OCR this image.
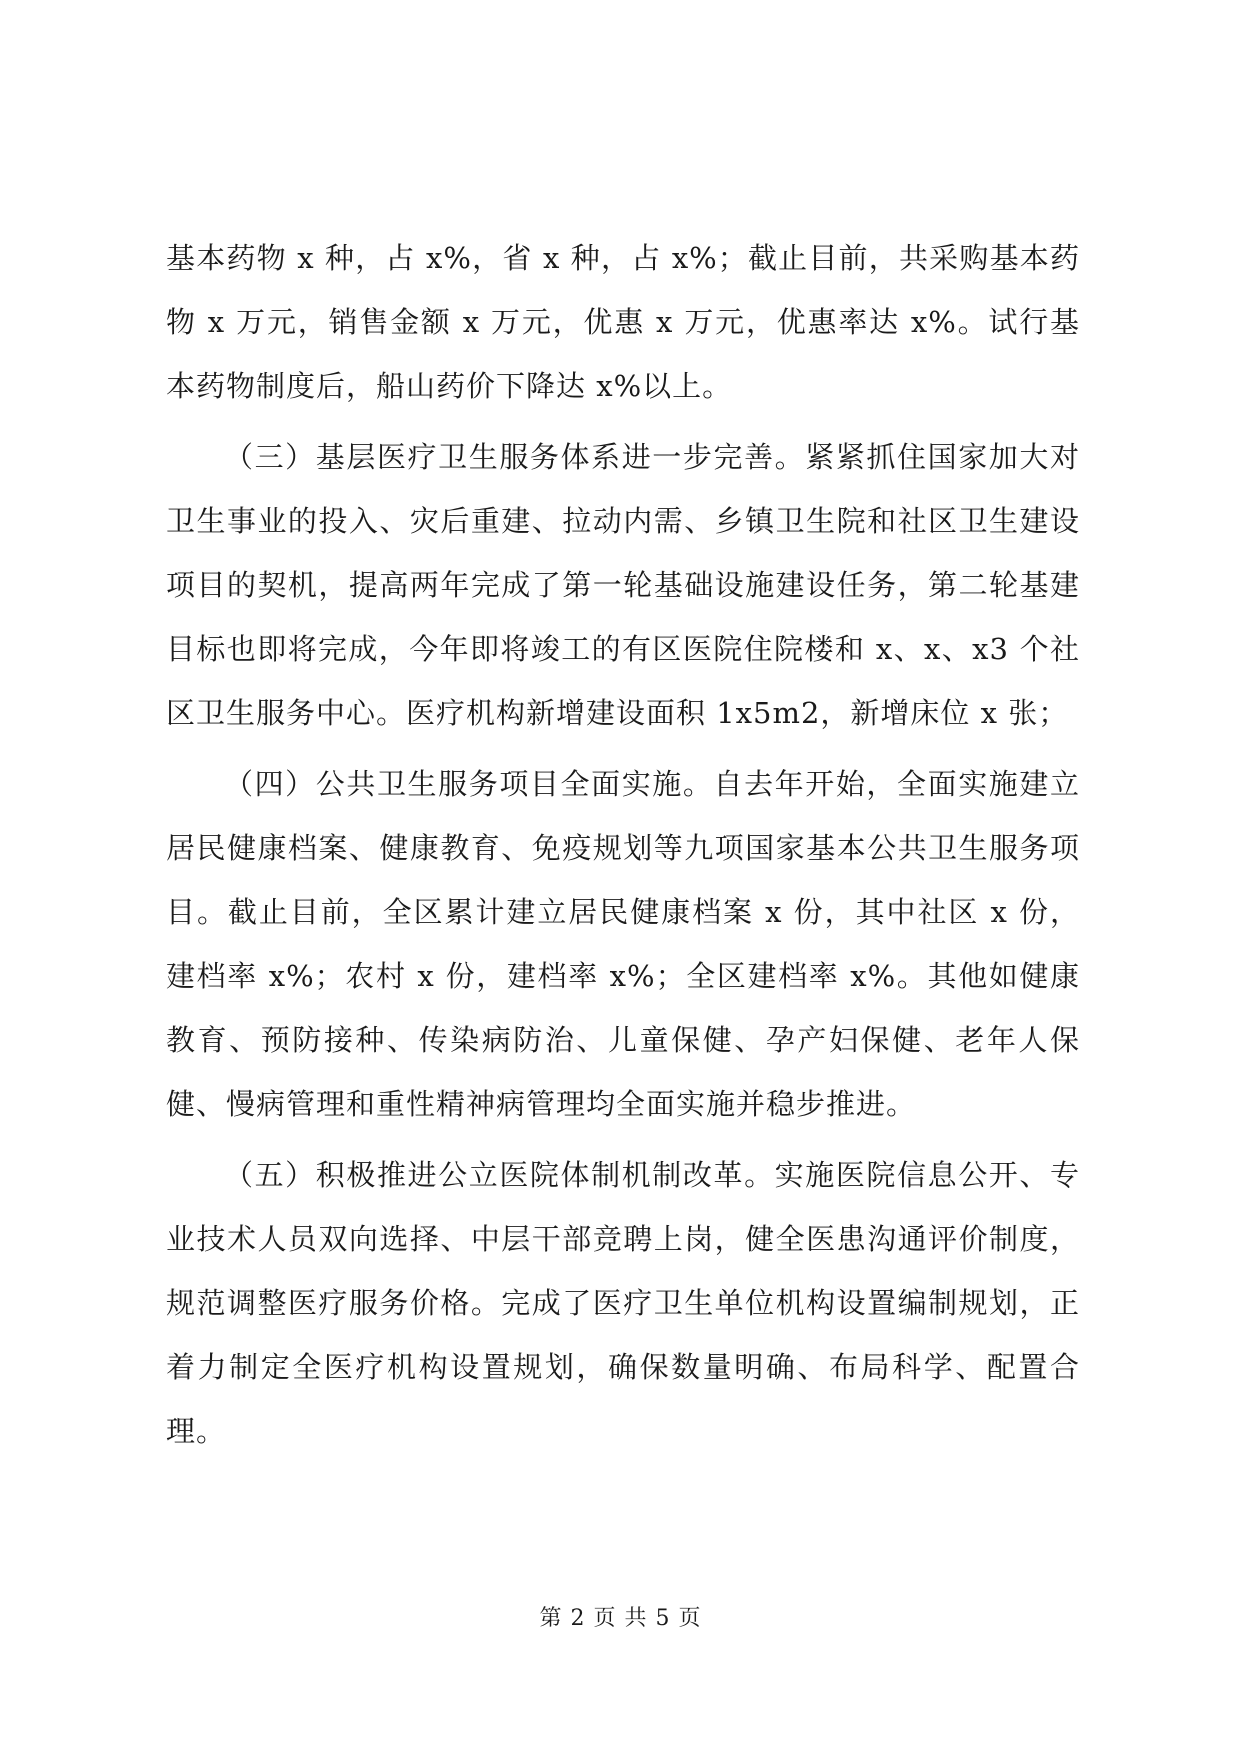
基本药物 x 种，占 x%，省 x 种，占 x%；截止目前，共采购基本药物 x 万元，销售金额 x 万元，优惠 x 万元，优惠率达 x%。试行基本药物制度后，船山药价下降达 x%以上。

（三）基层医疗卫生服务体系进一步完善。紧紧抓住国家加大对卫生事业的投入、灾后重建、拉动内需、乡镇卫生院和社区卫生建设项目的契机，提高两年完成了第一轮基础设施建设任务，第二轮基建目标也即将完成，今年即将竣工的有区医院住院楼和 x、x、x3 个社区卫生服务中心。医疗机构新增建设面积 1x5m2，新增床位 x 张；

（四）公共卫生服务项目全面实施。自去年开始，全面实施建立居民健康档案、健康教育、免疫规划等九项国家基本公共卫生服务项目。截止目前，全区累计建立居民健康档案 x 份，其中社区 x 份，建档率 x%；农村 x 份，建档率 x%；全区建档率 x%。其他如健康教育、预防接种、传染病防治、儿童保健、孕产妇保健、老年人保健、慢病管理和重性精神病管理均全面实施并稳步推进。

（五）积极推进公立医院体制机制改革。实施医院信息公开、专业技术人员双向选择、中层干部竞聘上岗，健全医患沟通评价制度，规范调整医疗服务价格。完成了医疗卫生单位机构设置编制规划，正着力制定全医疗机构设置规划，确保数量明确、布局科学、配置合理。

第 2 页 共 5 页
